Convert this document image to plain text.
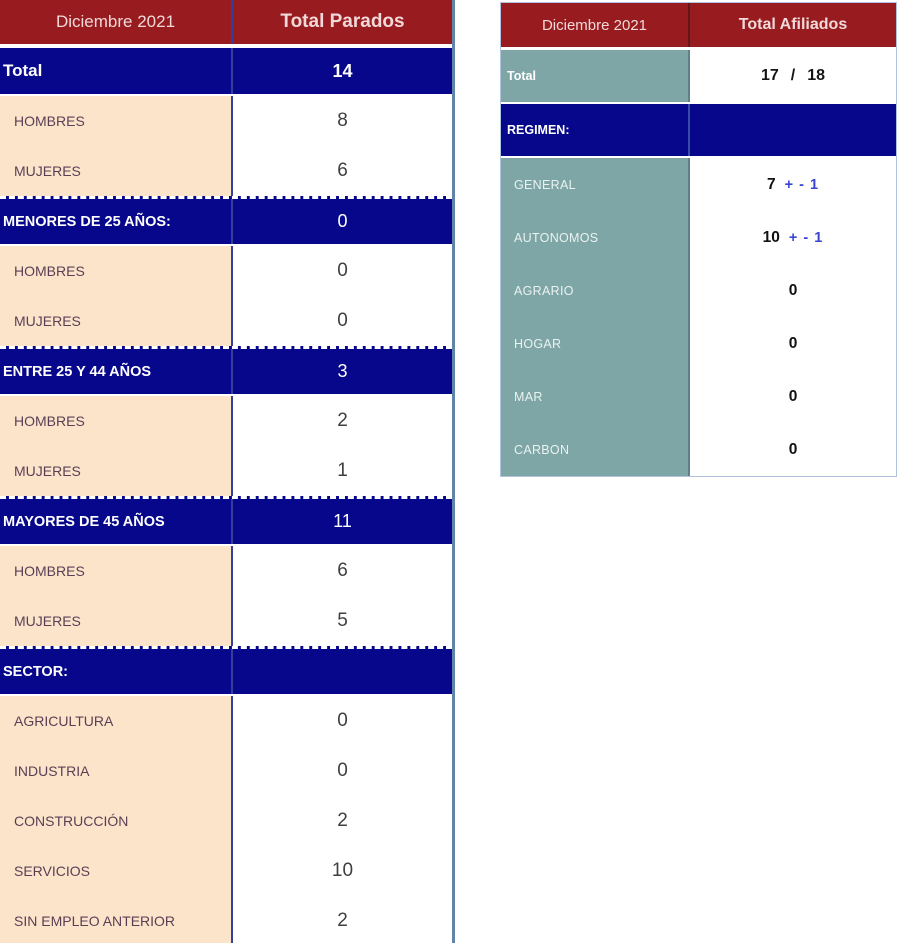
Diciembre 2021	Total Parados
Total	14
HOMBRES	8
MUJERES	6
MENORES DE 25 AÑOS:	0
HOMBRES	0
MUJERES	0
ENTRE 25 Y 44 AÑOS	3
HOMBRES	2
MUJERES	1
MAYORES DE 45 AÑOS	11
HOMBRES	6
MUJERES	5
SECTOR:
AGRICULTURA	0
INDUSTRIA	0
CONSTRUCCIÓN	2
SERVICIOS	10
SIN EMPLEO ANTERIOR	2
Diciembre 2021	Total Afiliados
Total	17 / 18
REGIMEN:
GENERAL	7 + - 1
AUTONOMOS	10 + - 1
AGRARIO	0
HOGAR	0
MAR	0
CARBON	0
